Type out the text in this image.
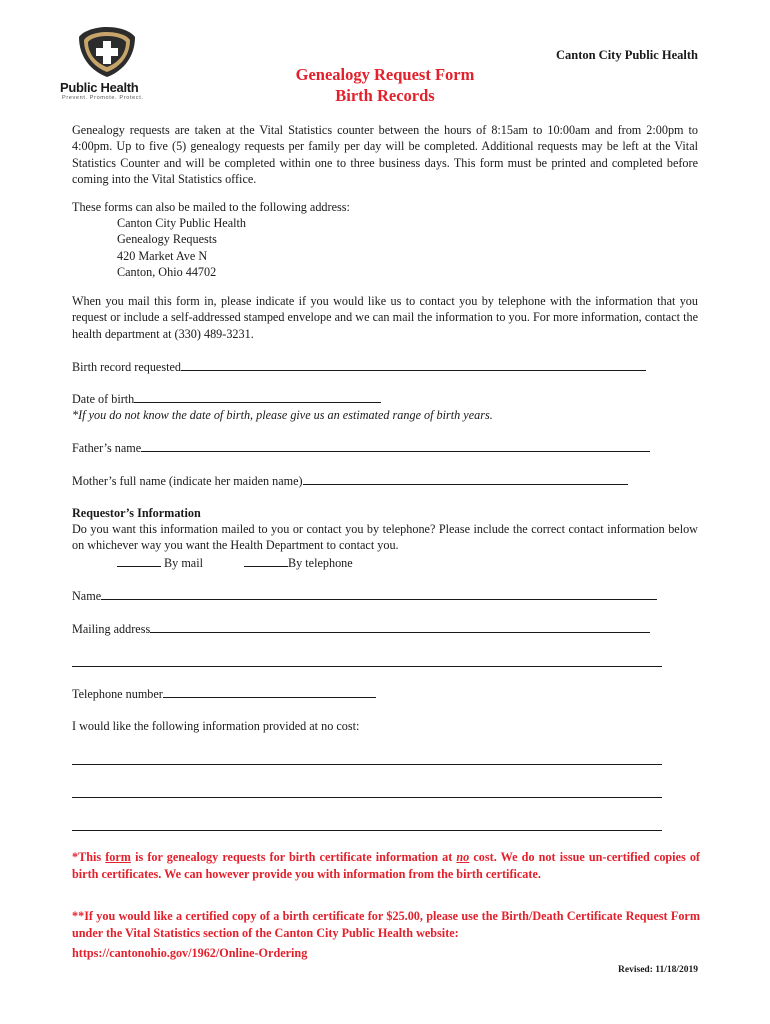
Public Health
Prevent. Promote. Protect.
Canton City Public Health
Genealogy Request Form
Birth Records
Genealogy requests are taken at the Vital Statistics counter between the hours of 8:15am to 10:00am and from 2:00pm to 4:00pm. Up to five (5) genealogy requests per family per day will be completed. Additional requests may be left at the Vital Statistics Counter and will be completed within one to three business days. This form must be printed and completed before coming into the Vital Statistics office.
These forms can also be mailed to the following address:
Canton City Public Health
Genealogy Requests
420 Market Ave N
Canton, Ohio 44702
When you mail this form in, please indicate if you would like us to contact you by telephone with the information that you request or include a self-addressed stamped envelope and we can mail the information to you. For more information, contact the health department at (330) 489-3231.
Birth record requested
Date of birth
*If you do not know the date of birth, please give us an estimated range of birth years.
Father’s name
Mother’s full name (indicate her maiden name)
Requestor’s Information
Do you want this information mailed to you or contact you by telephone? Please include the correct contact information below on whichever way you want the Health Department to contact you.
By mail	By telephone
Name
Mailing address
Telephone number
I would like the following information provided at no cost:
*This form is for genealogy requests for birth certificate information at no cost. We do not issue un-certified copies of birth certificates. We can however provide you with information from the birth certificate.
**If you would like a certified copy of a birth certificate for $25.00, please use the Birth/Death Certificate Request Form under the Vital Statistics section of the Canton City Public Health website:
https://cantonohio.gov/1962/Online-Ordering
Revised: 11/18/2019
